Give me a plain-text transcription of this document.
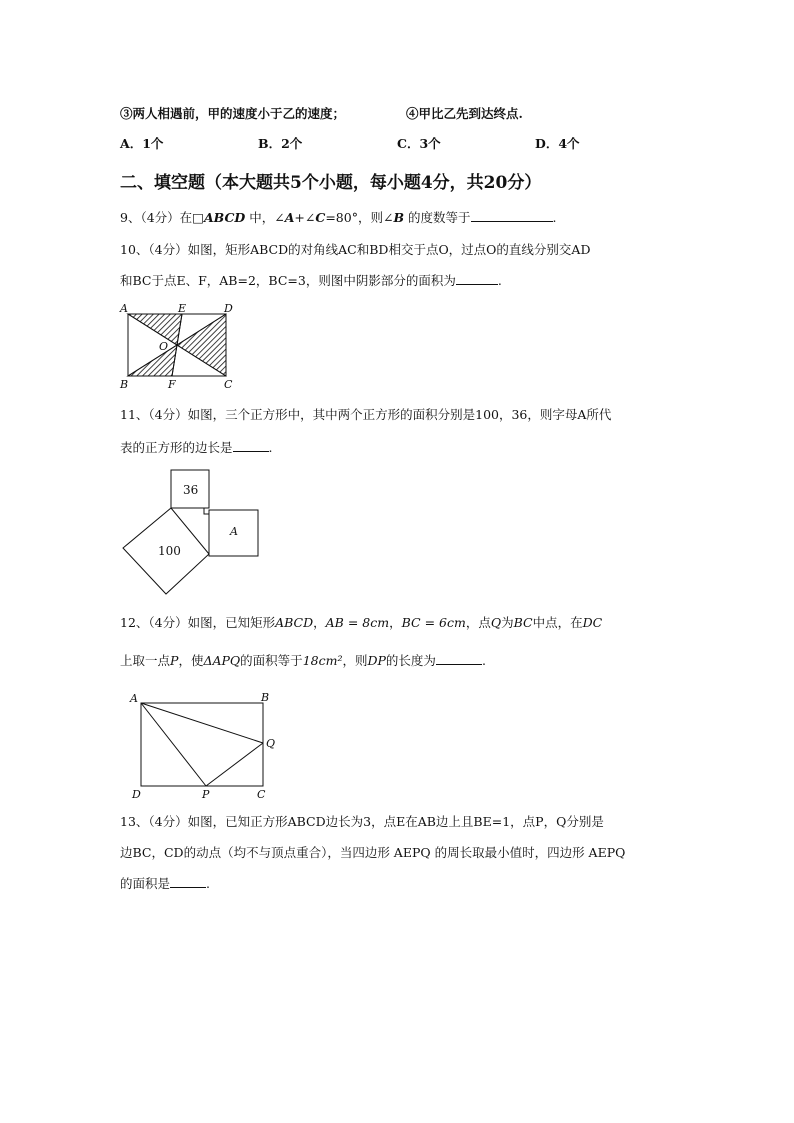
③两人相遇前，甲的速度小于乙的速度；	④甲比乙先到达终点.
A．1个	B．2个	C．3个	D．4个
二、填空题（本大题共5个小题，每小题4分，共20分）
9、（4分）在□ABCD 中，∠A+∠C=80°，则∠B 的度数等于	.
10、（4分）如图，矩形ABCD的对角线AC和BD相交于点O，过点O的直线分别交AD
和BC于点E、F，AB=2，BC=3，则图中阴影部分的面积为	.
A	E	D
O
B	F	C
11、（4分）如图，三个正方形中，其中两个正方形的面积分别是100，36，则字母A所代
表的正方形的边长是	.
36
100
A
12、（4分）如图，已知矩形ABCD，AB = 8cm，BC = 6cm，点Q为BC中点，在DC
上取一点P，使ΔAPQ的面积等于18cm²，则DP的长度为	.
A	B
Q
D	P	C
13、（4分）如图，已知正方形ABCD边长为3，点E在AB边上且BE=1，点P，Q分别是
边BC，CD的动点（均不与顶点重合），当四边形 AEPQ 的周长取最小值时，四边形 AEPQ
的面积是	.
